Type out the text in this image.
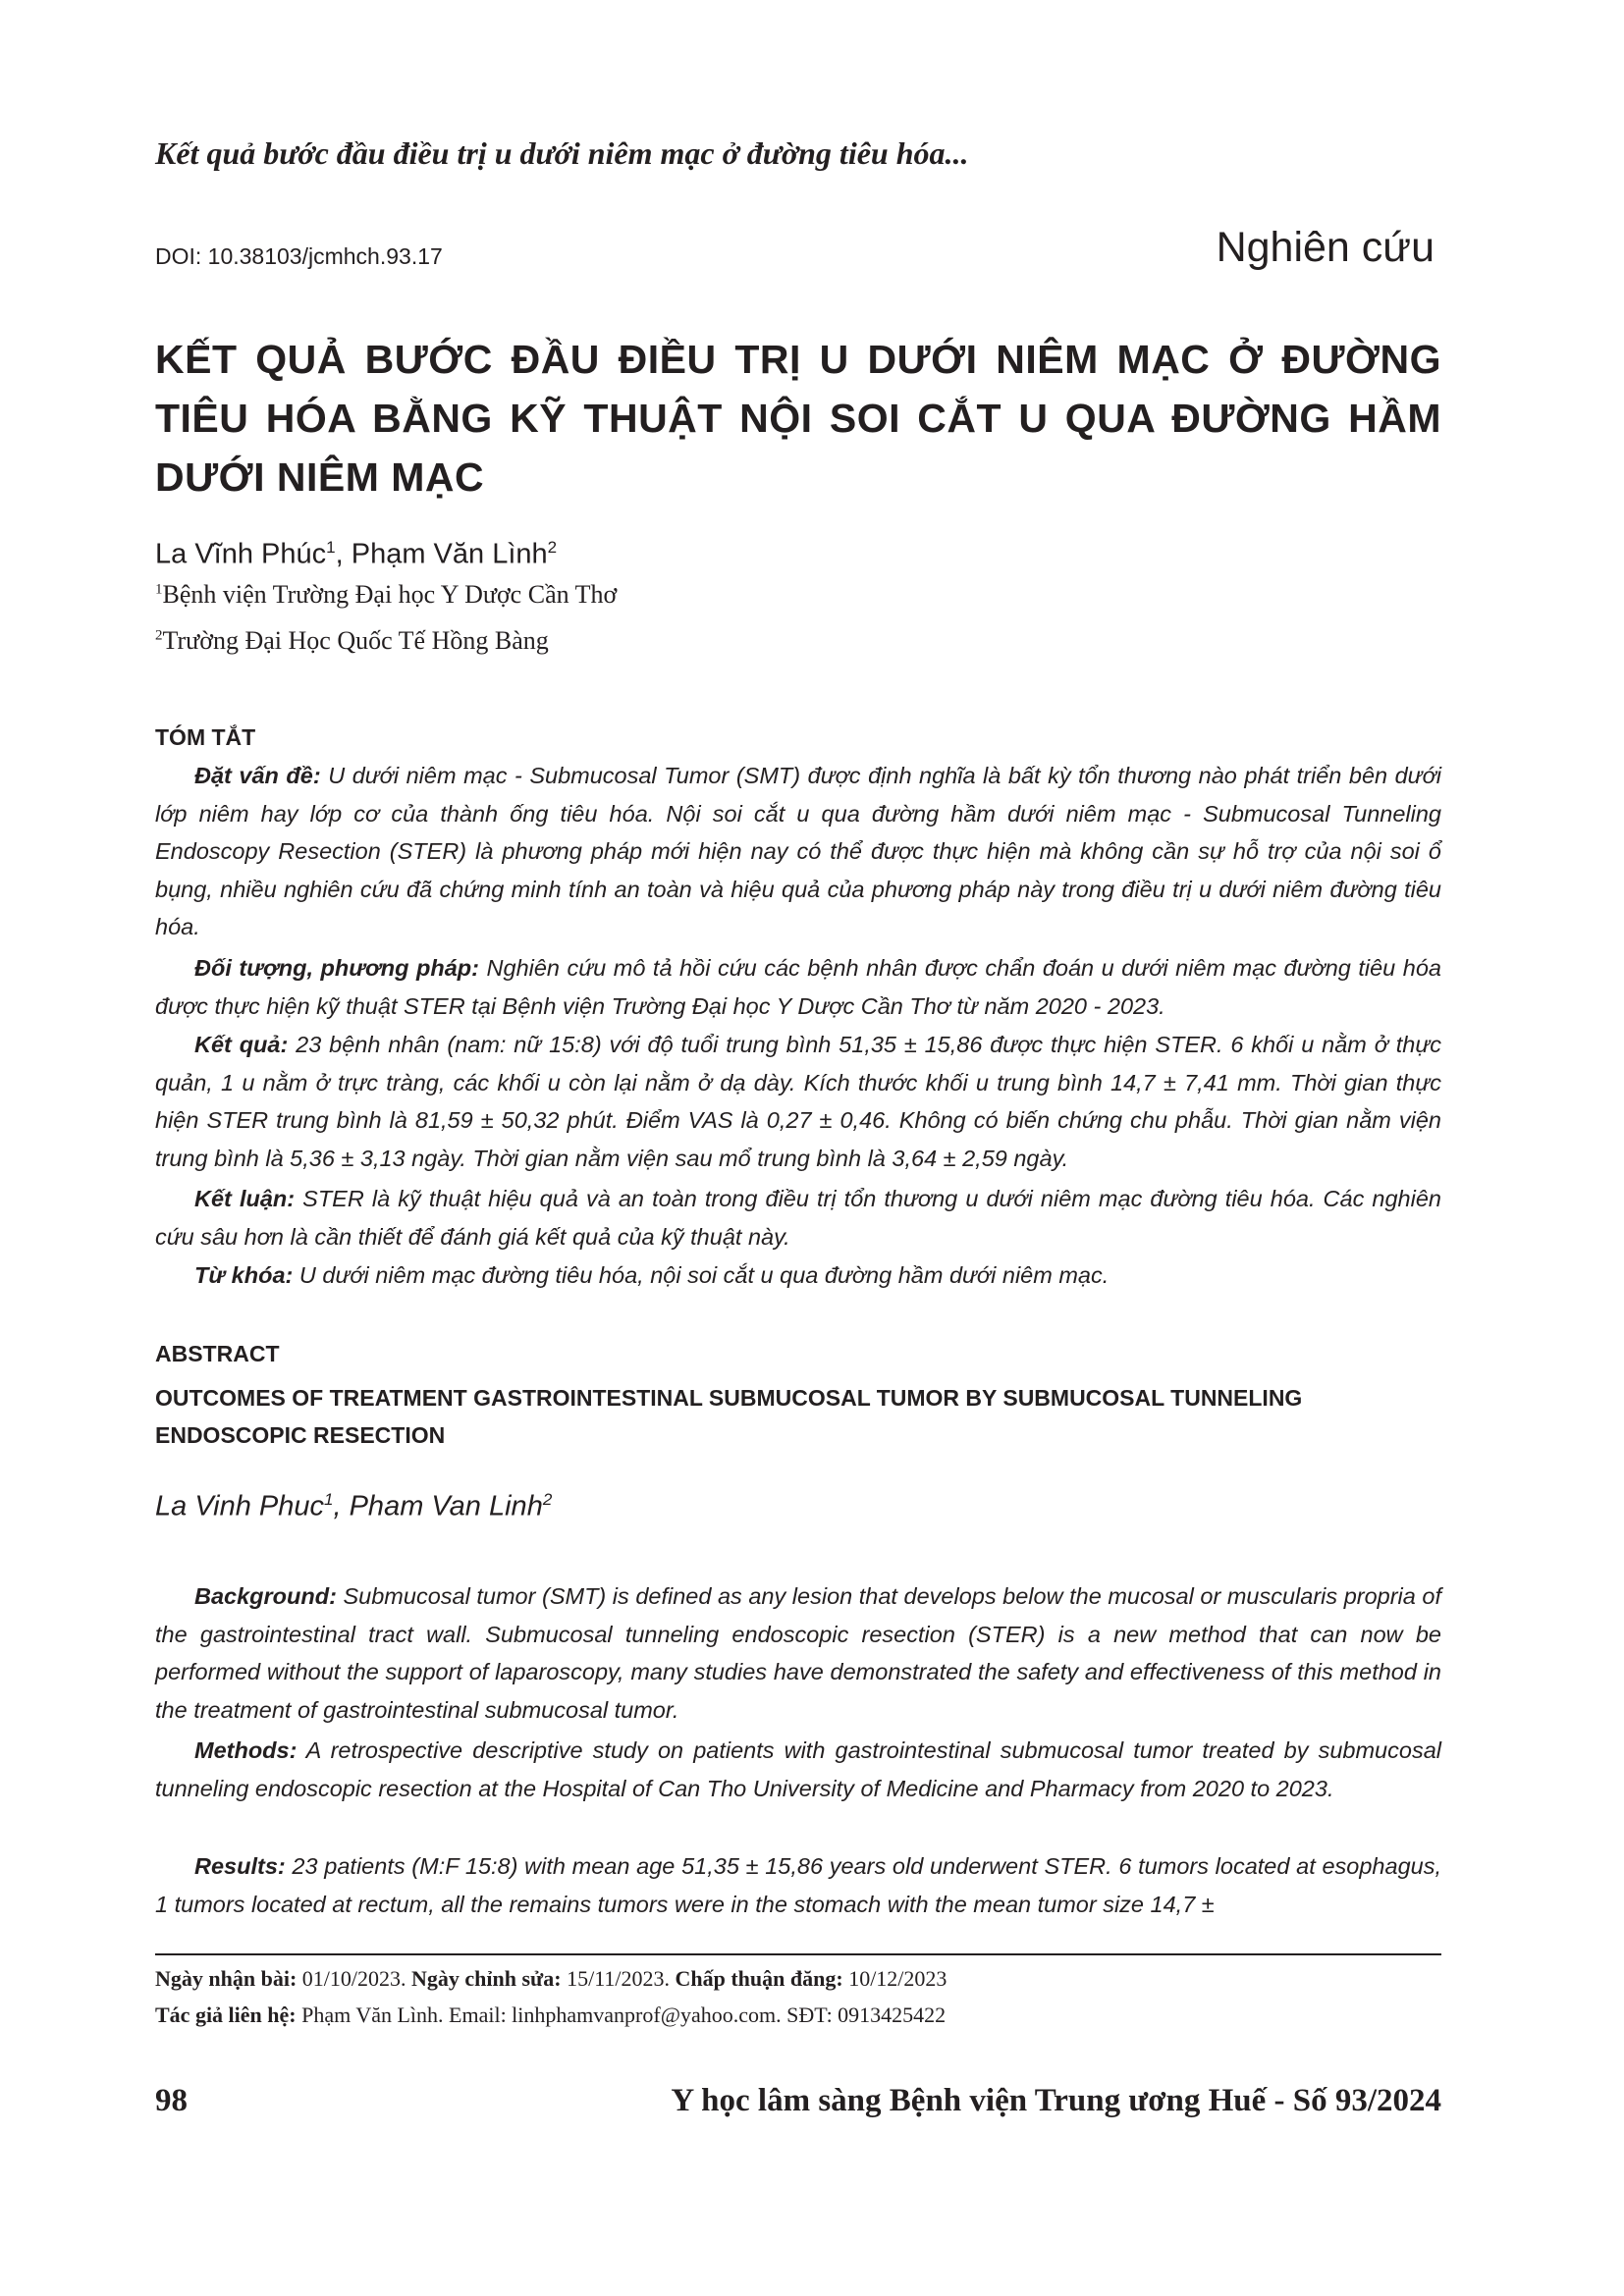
Kết quả bước đầu điều trị u dưới niêm mạc ở đường tiêu hóa...
DOI: 10.38103/jcmhch.93.17	Nghiên cứu
KẾT QUẢ BƯỚC ĐẦU ĐIỀU TRỊ U DƯỚI NIÊM MẠC Ở ĐƯỜNG TIÊU HÓA BẰNG KỸ THUẬT NỘI SOI CẮT U QUA ĐƯỜNG HẦM DƯỚI NIÊM MẠC
La Vĩnh Phúc$^1$, Phạm Văn Lình$^2$
$^1$Bệnh viện Trường Đại học Y Dược Cần Thơ
$^2$Trường Đại Học Quốc Tế Hồng Bàng
TÓM TẮT
Đặt vấn đề: U dưới niêm mạc - Submucosal Tumor (SMT) được định nghĩa là bất kỳ tổn thương nào phát triển bên dưới lớp niêm hay lớp cơ của thành ống tiêu hóa. Nội soi cắt u qua đường hầm dưới niêm mạc - Submucosal Tunneling Endoscopy Resection (STER) là phương pháp mới hiện nay có thể được thực hiện mà không cần sự hỗ trợ của nội soi ổ bụng, nhiều nghiên cứu đã chứng minh tính an toàn và hiệu quả của phương pháp này trong điều trị u dưới niêm đường tiêu hóa.
Đối tượng, phương pháp: Nghiên cứu mô tả hồi cứu các bệnh nhân được chẩn đoán u dưới niêm mạc đường tiêu hóa được thực hiện kỹ thuật STER tại Bệnh viện Trường Đại học Y Dược Cần Thơ từ năm 2020 - 2023.
Kết quả: 23 bệnh nhân (nam: nữ 15:8) với độ tuổi trung bình 51,35 ± 15,86 được thực hiện STER. 6 khối u nằm ở thực quản, 1 u nằm ở trực tràng, các khối u còn lại nằm ở dạ dày. Kích thước khối u trung bình 14,7 ± 7,41 mm. Thời gian thực hiện STER trung bình là 81,59 ± 50,32 phút. Điểm VAS là 0,27 ± 0,46. Không có biến chứng chu phẫu. Thời gian nằm viện trung bình là 5,36 ± 3,13 ngày. Thời gian nằm viện sau mổ trung bình là 3,64 ± 2,59 ngày.
Kết luận: STER là kỹ thuật hiệu quả và an toàn trong điều trị tổn thương u dưới niêm mạc đường tiêu hóa. Các nghiên cứu sâu hơn là cần thiết để đánh giá kết quả của kỹ thuật này.
Từ khóa: U dưới niêm mạc đường tiêu hóa, nội soi cắt u qua đường hầm dưới niêm mạc.
ABSTRACT
OUTCOMES OF TREATMENT GASTROINTESTINAL SUBMUCOSAL TUMOR BY SUBMUCOSAL TUNNELING ENDOSCOPIC RESECTION
La Vinh Phuc$^1$, Pham Van Linh$^2$
Background: Submucosal tumor (SMT) is defined as any lesion that develops below the mucosal or muscularis propria of the gastrointestinal tract wall. Submucosal tunneling endoscopic resection (STER) is a new method that can now be performed without the support of laparoscopy, many studies have demonstrated the safety and effectiveness of this method in the treatment of gastrointestinal submucosal tumor.
Methods: A retrospective descriptive study on patients with gastrointestinal submucosal tumor treated by submucosal tunneling endoscopic resection at the Hospital of Can Tho University of Medicine and Pharmacy from 2020 to 2023.
Results: 23 patients (M:F 15:8) with mean age 51,35 ± 15,86 years old underwent STER. 6 tumors located at esophagus, 1 tumors located at rectum, all the remains tumors were in the stomach with the mean tumor size 14,7 ±
Ngày nhận bài: 01/10/2023. Ngày chỉnh sửa: 15/11/2023. Chấp thuận đăng: 10/12/2023
Tác giả liên hệ: Phạm Văn Lình. Email: linhphamvanprof@yahoo.com. SĐT: 0913425422
98	Y học lâm sàng Bệnh viện Trung ương Huế - Số 93/2024
